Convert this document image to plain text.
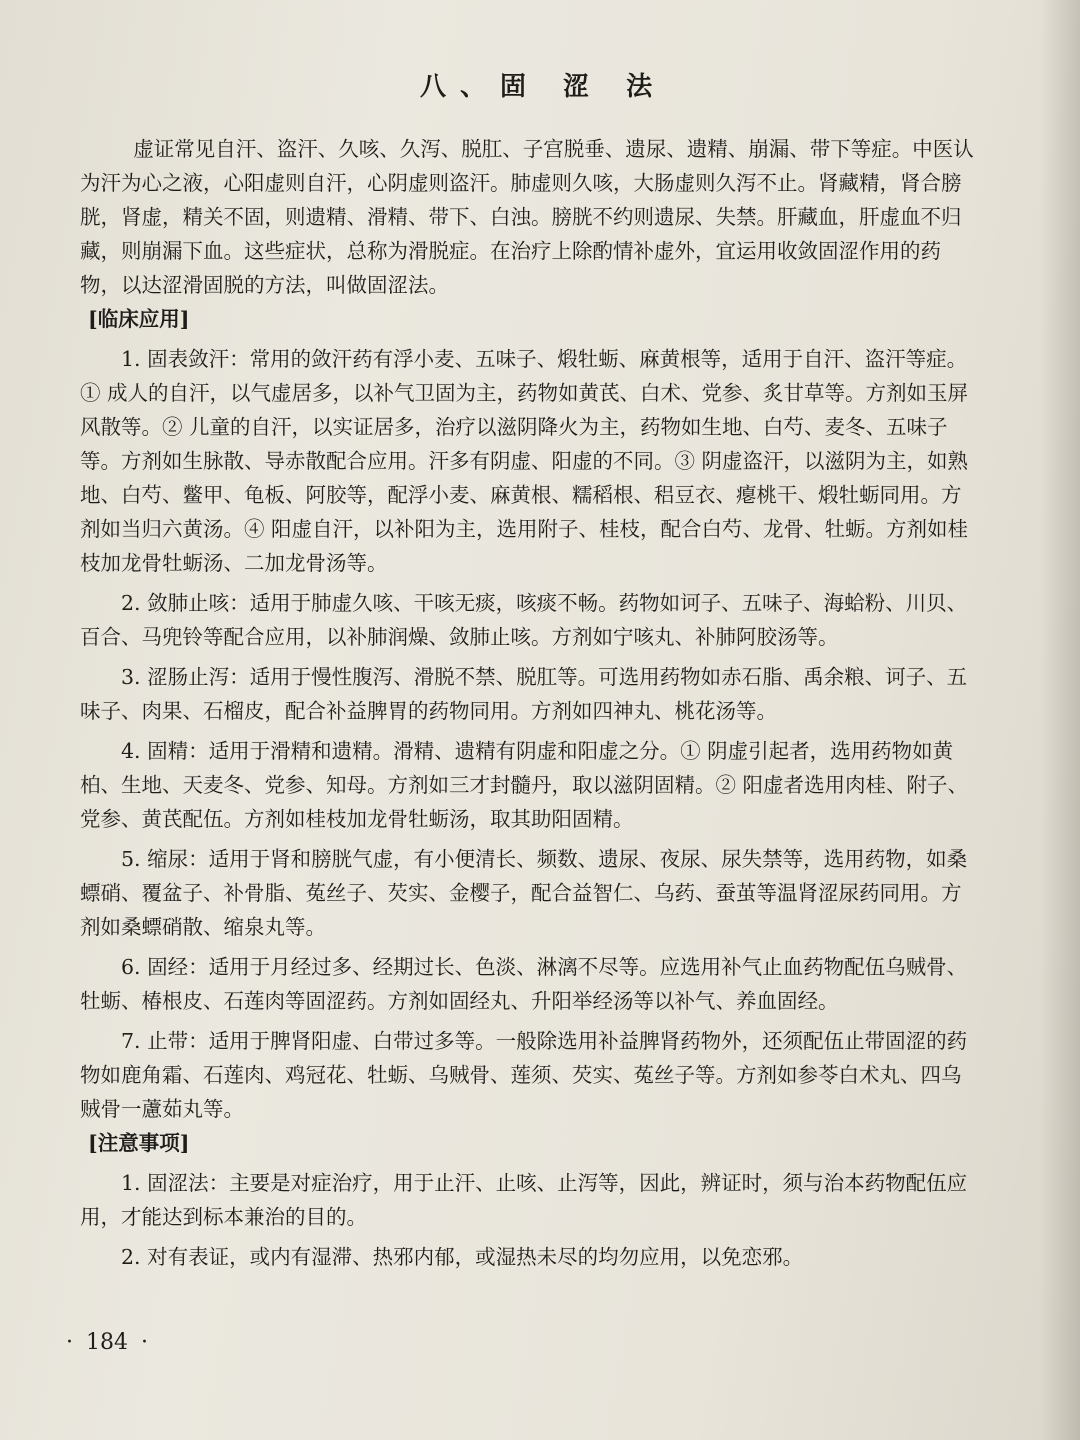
八、固 涩 法

虚证常见自汗、盗汗、久咳、久泻、脱肛、子宫脱垂、遗尿、遗精、崩漏、带下等症。中医认为汗为心之液，心阳虚则自汗，心阴虚则盗汗。肺虚则久咳，大肠虚则久泻不止。肾藏精，肾合膀胱，肾虚，精关不固，则遗精、滑精、带下、白浊。膀胱不约则遗尿、失禁。肝藏血，肝虚血不归藏，则崩漏下血。这些症状，总称为滑脱症。在治疗上除酌情补虚外，宜运用收敛固涩作用的药物，以达涩滑固脱的方法，叫做固涩法。

[临床应用]

1. 固表敛汗：常用的敛汗药有浮小麦、五味子、煅牡蛎、麻黄根等，适用于自汗、盗汗等症。① 成人的自汗，以气虚居多，以补气卫固为主，药物如黄芪、白术、党参、炙甘草等。方剂如玉屏风散等。② 儿童的自汗，以实证居多，治疗以滋阴降火为主，药物如生地、白芍、麦冬、五味子等。方剂如生脉散、导赤散配合应用。汗多有阴虚、阳虚的不同。③ 阴虚盗汗，以滋阴为主，如熟地、白芍、鳖甲、龟板、阿胶等，配浮小麦、麻黄根、糯稻根、稆豆衣、瘪桃干、煅牡蛎同用。方剂如当归六黄汤。④ 阳虚自汗，以补阳为主，选用附子、桂枝，配合白芍、龙骨、牡蛎。方剂如桂枝加龙骨牡蛎汤、二加龙骨汤等。

2. 敛肺止咳：适用于肺虚久咳、干咳无痰，咳痰不畅。药物如诃子、五味子、海蛤粉、川贝、百合、马兜铃等配合应用，以补肺润燥、敛肺止咳。方剂如宁咳丸、补肺阿胶汤等。

3. 涩肠止泻：适用于慢性腹泻、滑脱不禁、脱肛等。可选用药物如赤石脂、禹余粮、诃子、五味子、肉果、石榴皮，配合补益脾胃的药物同用。方剂如四神丸、桃花汤等。

4. 固精：适用于滑精和遗精。滑精、遗精有阴虚和阳虚之分。① 阴虚引起者，选用药物如黄柏、生地、天麦冬、党参、知母。方剂如三才封髓丹，取以滋阴固精。② 阳虚者选用肉桂、附子、党参、黄芪配伍。方剂如桂枝加龙骨牡蛎汤，取其助阳固精。

5. 缩尿：适用于肾和膀胱气虚，有小便清长、频数、遗尿、夜尿、尿失禁等，选用药物，如桑螵硝、覆盆子、补骨脂、菟丝子、芡实、金樱子，配合益智仁、乌药、蚕茧等温肾涩尿药同用。方剂如桑螵硝散、缩泉丸等。

6. 固经：适用于月经过多、经期过长、色淡、淋漓不尽等。应选用补气止血药物配伍乌贼骨、牡蛎、椿根皮、石莲肉等固涩药。方剂如固经丸、升阳举经汤等以补气、养血固经。

7. 止带：适用于脾肾阳虚、白带过多等。一般除选用补益脾肾药物外，还须配伍止带固涩的药物如鹿角霜、石莲肉、鸡冠花、牡蛎、乌贼骨、莲须、芡实、菟丝子等。方剂如参苓白术丸、四乌贼骨一藘茹丸等。

[注意事项]

1. 固涩法：主要是对症治疗，用于止汗、止咳、止泻等，因此，辨证时，须与治本药物配伍应用，才能达到标本兼治的目的。

2. 对有表证，或内有湿滞、热邪内郁，或湿热未尽的均勿应用，以免恋邪。

· 184 ·
